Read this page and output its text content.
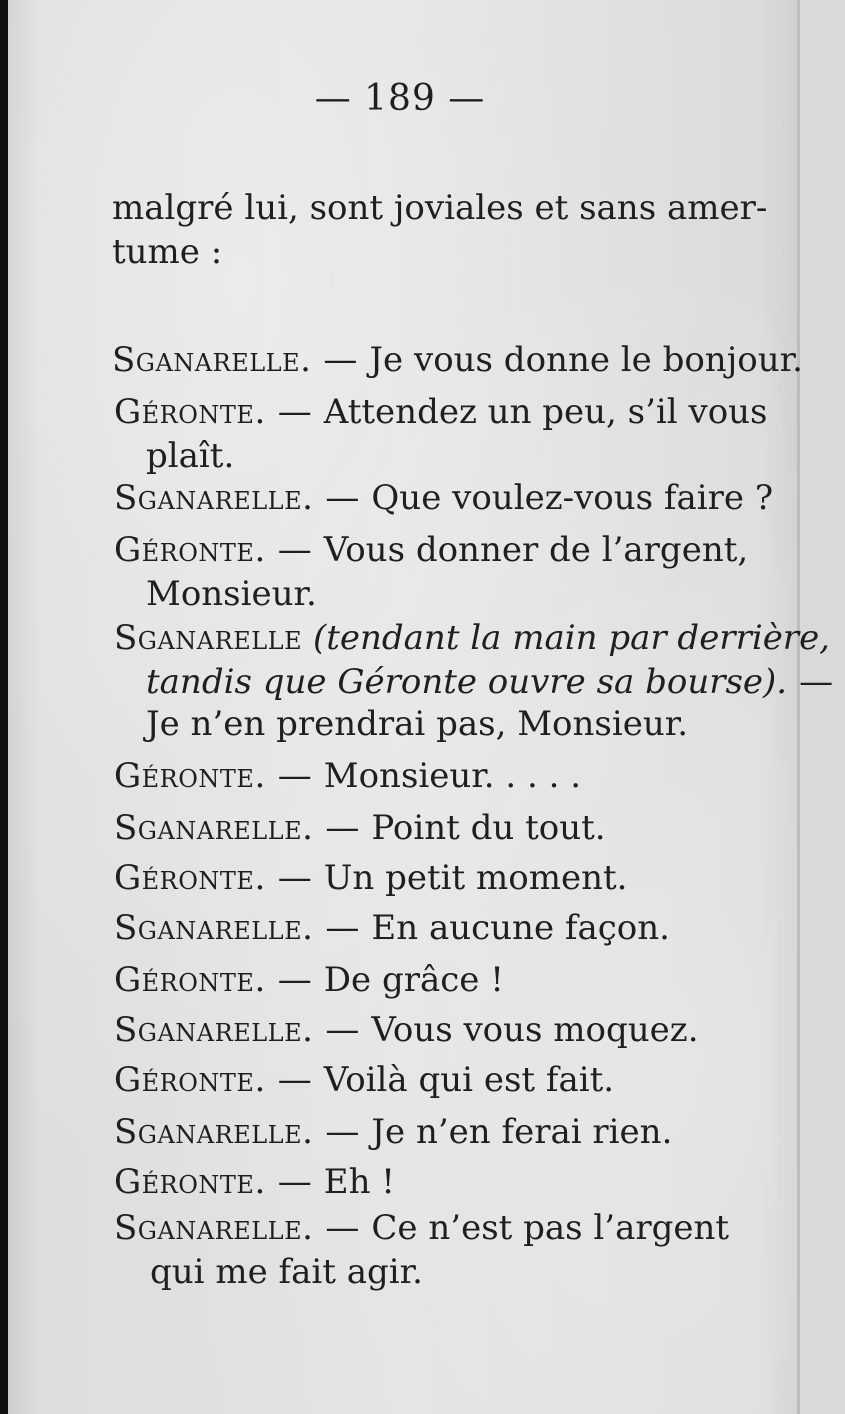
— 189 —
malgré lui, sont joviales et sans amer-
tume :
Sganarelle. — Je vous donne le bonjour.
Géronte. — Attendez un peu, s’il vous
plaît.
Sganarelle. — Que voulez-vous faire ?
Géronte. — Vous donner de l’argent,
Monsieur.
Sganarelle (tendant la main par derrière,
tandis que Géronte ouvre sa bourse). —
Je n’en prendrai pas, Monsieur.
Géronte. — Monsieur. . . . .
Sganarelle. — Point du tout.
Géronte. — Un petit moment.
Sganarelle. — En aucune façon.
Géronte. — De grâce !
Sganarelle. — Vous vous moquez.
Géronte. — Voilà qui est fait.
Sganarelle. — Je n’en ferai rien.
Géronte. — Eh !
Sganarelle. — Ce n’est pas l’argent
qui me fait agir.
